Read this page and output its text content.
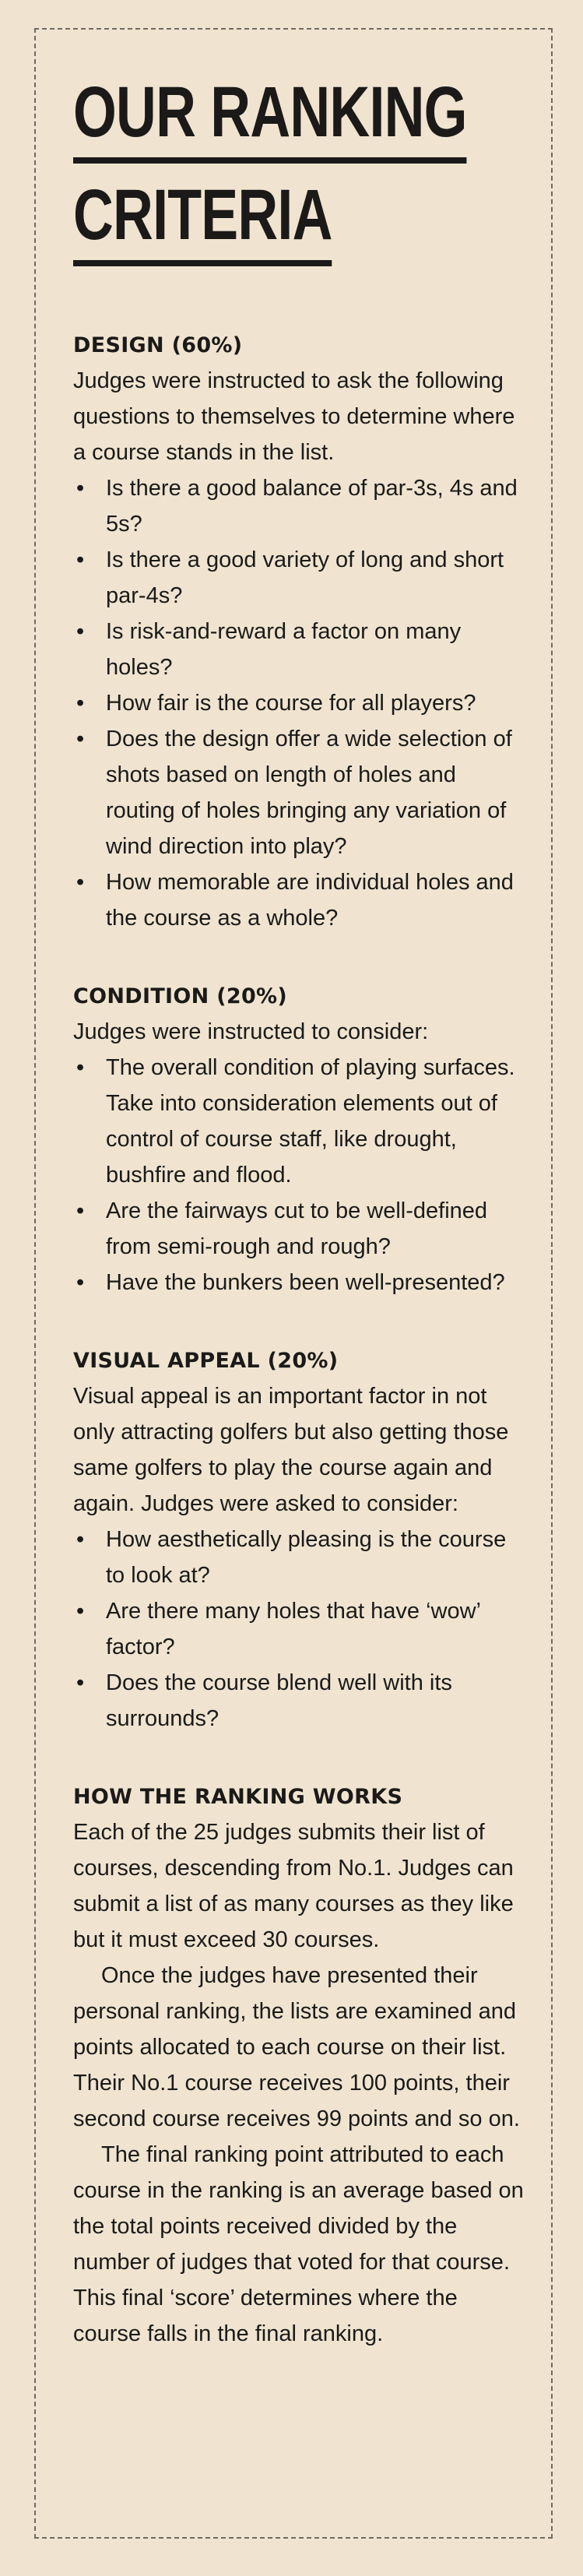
OUR RANKING
CRITERIA
DESIGN (60%)

Judges were instructed to ask the following questions to themselves to determine where a course stands in the list.

• Is there a good balance of par-3s, 4s and 5s?
• Is there a good variety of long and short par-4s?
• Is risk-and-reward a factor on many holes?
• How fair is the course for all players?
• Does the design offer a wide selection of shots based on length of holes and routing of holes bringing any variation of wind direction into play?
• How memorable are individual holes and the course as a whole?
CONDITION (20%)

Judges were instructed to consider:

• The overall condition of playing surfaces. Take into consideration elements out of control of course staff, like drought, bushfire and flood.
• Are the fairways cut to be well-defined from semi-rough and rough?
• Have the bunkers been well-presented?
VISUAL APPEAL (20%)

Visual appeal is an important factor in not only attracting golfers but also getting those same golfers to play the course again and again. Judges were asked to consider:

• How aesthetically pleasing is the course to look at?
• Are there many holes that have ‘wow’ factor?
• Does the course blend well with its surrounds?
HOW THE RANKING WORKS

Each of the 25 judges submits their list of courses, descending from No.1. Judges can submit a list of as many courses as they like but it must exceed 30 courses.

Once the judges have presented their personal ranking, the lists are examined and points allocated to each course on their list. Their No.1 course receives 100 points, their second course receives 99 points and so on.

The final ranking point attributed to each course in the ranking is an average based on the total points received divided by the number of judges that voted for that course. This final ‘score’ determines where the course falls in the final ranking.
